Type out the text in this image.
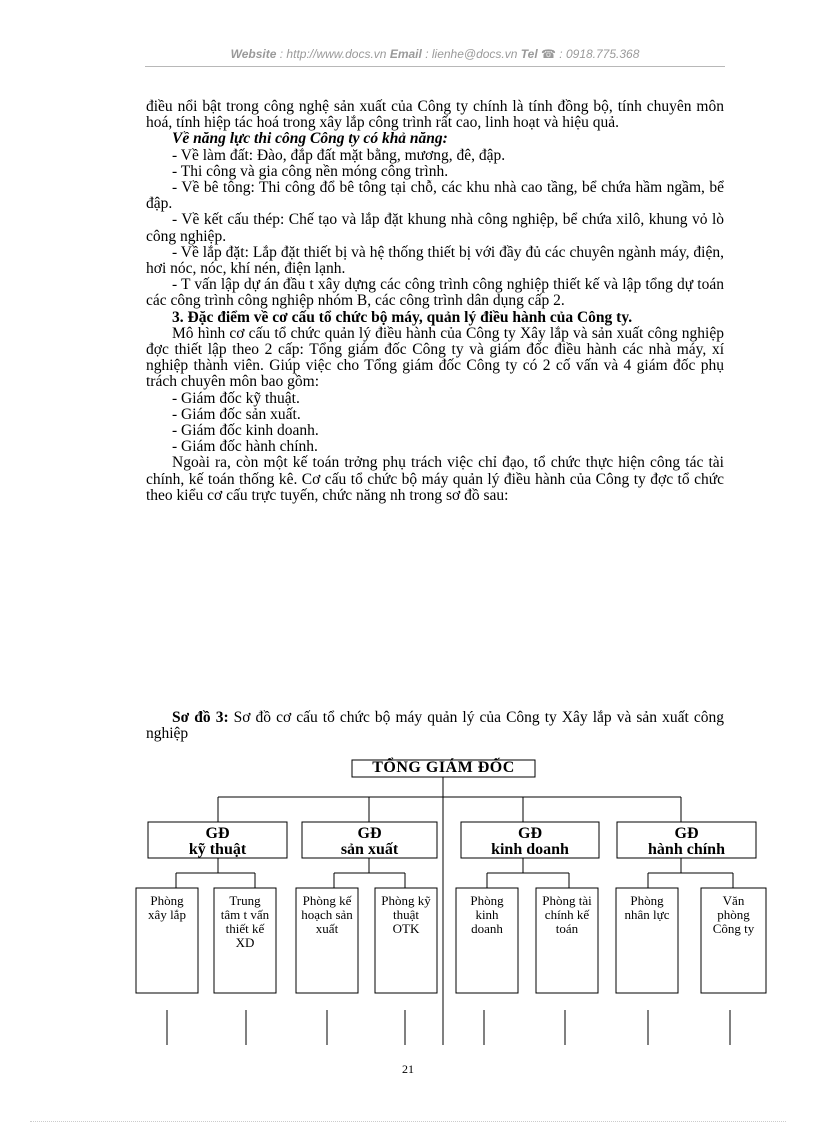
Website : http://www.docs.vn Email : lienhe@docs.vn Tel ☎ : 0918.775.368

điều nổi bật trong công nghệ sản xuất của Công ty chính là tính đồng bộ, tính chuyên môn hoá, tính hiệp tác hoá trong xây lắp công trình rất cao, linh hoạt và hiệu quả.

Về năng lực thi công Công ty có khả năng:

- Về làm đất: Đào, đắp đất mặt bằng, mương, đê, đập.

- Thi công và gia công nền móng công trình.

- Về bê tông: Thi công đổ bê tông tại chỗ, các khu nhà cao tầng, bể chứa hầm ngầm, bể đập.

- Về kết cấu thép: Chế tạo và lắp đặt khung nhà công nghiệp, bể chứa xilô, khung vỏ lò công nghiệp.

- Về lắp đặt: Lắp đặt thiết bị và hệ thống thiết bị với đầy đủ các chuyên ngành máy, điện, hơi nóc, nóc, khí nén, điện lạnh.

- T vấn lập dự án đầu t xây dựng các công trình công nghiệp thiết kế và lập tổng dự toán các công trình công nghiệp nhóm B, các công trình dân dụng cấp 2.

3. Đặc điểm về cơ cấu tổ chức bộ máy, quản lý điều hành của Công ty.

Mô hình cơ cấu tổ chức quản lý điều hành của Công ty Xây lắp và sản xuất công nghiệp đợc thiết lập theo 2 cấp: Tổng giám đốc Công ty và giám đốc điều hành các nhà máy, xí nghiệp thành viên. Giúp việc cho Tổng giám đốc Công ty có 2 cố vấn và 4 giám đốc phụ trách chuyên môn bao gồm:

- Giám đốc kỹ thuật.

- Giám đốc sản xuất.

- Giám đốc kinh doanh.

- Giám đốc hành chính.

Ngoài ra, còn một kế toán trởng phụ trách việc chỉ đạo, tổ chức thực hiện công tác tài chính, kế toán thống kê. Cơ cấu tổ chức bộ máy quản lý điều hành của Công ty đợc tổ chức theo kiểu cơ cấu trực tuyến, chức năng nh trong sơ đồ sau:

Sơ đồ 3: Sơ đồ cơ cấu tổ chức bộ máy quản lý của Công ty Xây lắp và sản xuất công nghiệp
TỔNG GIÁM ĐỐC
GĐ
kỹ thuật
GĐ
sản xuất
GĐ
kinh doanh
GĐ
hành chính
Phòng xây lắp
Trung tâm t vấn thiết kế XD
Phòng kế hoạch sản xuất
Phòng kỹ thuật OTK
Phòng kinh doanh
Phòng tài chính kế toán
Phòng nhân lực
Văn phòng Công ty
21
